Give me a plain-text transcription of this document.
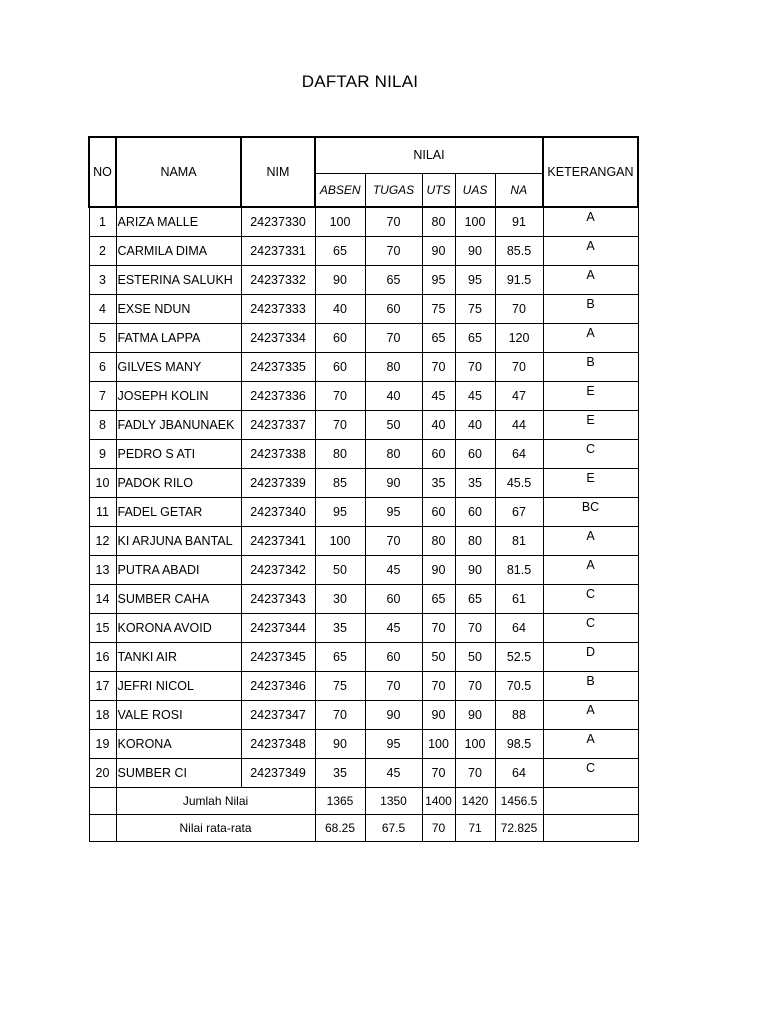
DAFTAR NILAI
NO	NAMA	NIM	NILAI					KETERANGAN
			ABSEN	TUGAS	UTS	UAS	NA	
1	ARIZA MALLE	24237330	100	70	80	100	91	A
2	CARMILA DIMA	24237331	65	70	90	90	85.5	A
3	ESTERINA SALUKH	24237332	90	65	95	95	91.5	A
4	EXSE NDUN	24237333	40	60	75	75	70	B
5	FATMA LAPPA	24237334	60	70	65	65	120	A
6	GILVES MANY	24237335	60	80	70	70	70	B
7	JOSEPH KOLIN	24237336	70	40	45	45	47	E
8	FADLY JBANUNAEK	24237337	70	50	40	40	44	E
9	PEDRO S ATI	24237338	80	80	60	60	64	C
10	PADOK RILO	24237339	85	90	35	35	45.5	E
11	FADEL GETAR	24237340	95	95	60	60	67	BC
12	KI ARJUNA BANTAL	24237341	100	70	80	80	81	A
13	PUTRA ABADI	24237342	50	45	90	90	81.5	A
14	SUMBER CAHA	24237343	30	60	65	65	61	C
15	KORONA AVOID	24237344	35	45	70	70	64	C
16	TANKI AIR	24237345	65	60	50	50	52.5	D
17	JEFRI NICOL	24237346	75	70	70	70	70.5	B
18	VALE ROSI	24237347	70	90	90	90	88	A
19	KORONA	24237348	90	95	100	100	98.5	A
20	SUMBER CI	24237349	35	45	70	70	64	C
	Jumlah Nilai		1365	1350	1400	1420	1456.5	
	Nilai rata-rata		68.25	67.5	70	71	72.825	
